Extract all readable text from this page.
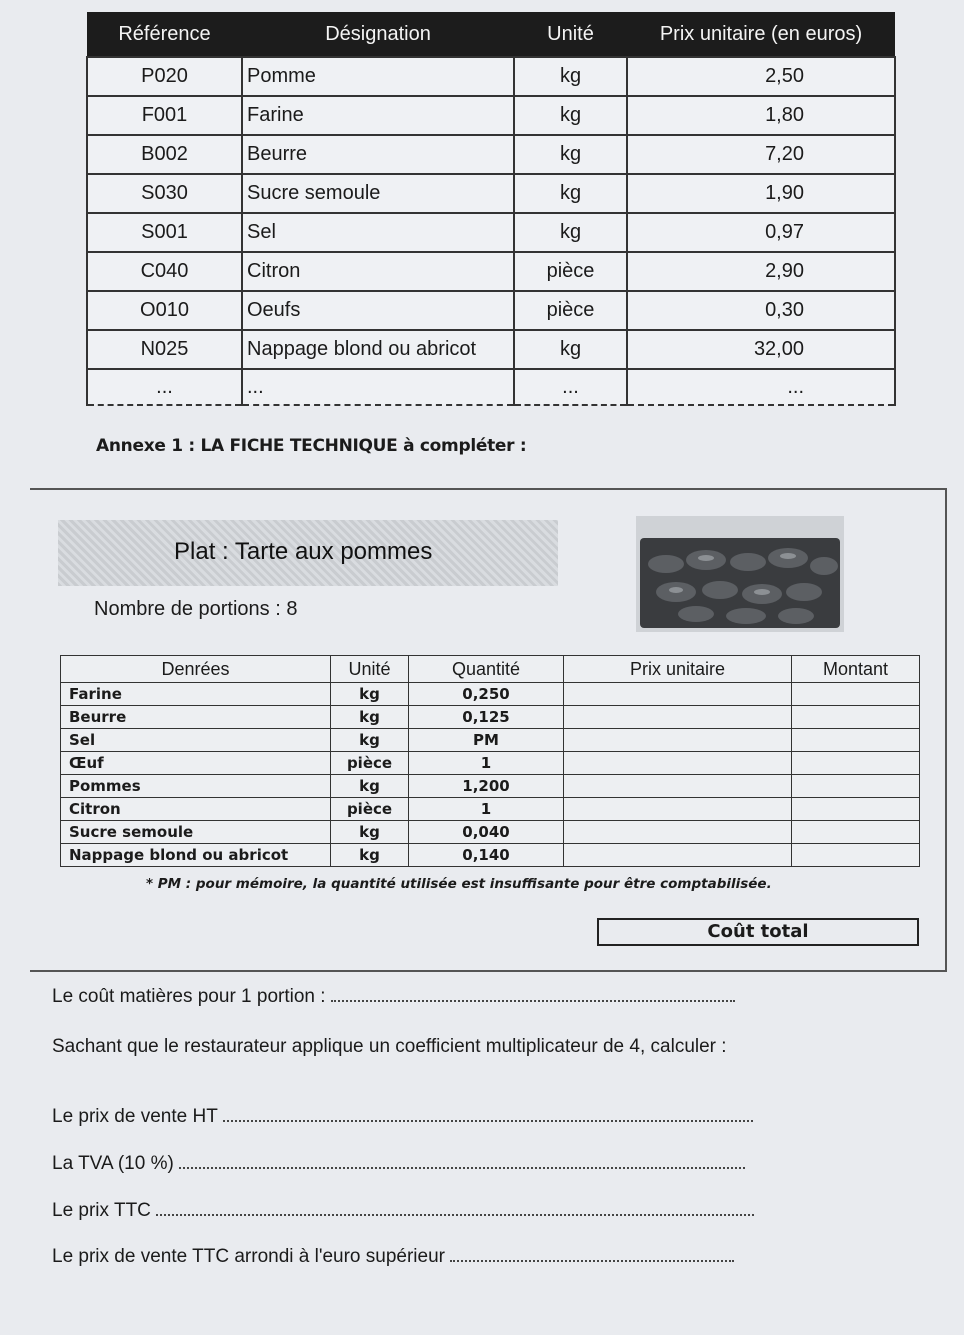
Référence	Désignation	Unité	Prix unitaire (en euros)
P020	Pomme	kg	2,50
F001	Farine	kg	1,80
B002	Beurre	kg	7,20
S030	Sucre semoule	kg	1,90
S001	Sel	kg	0,97
C040	Citron	pièce	2,90
O010	Oeufs	pièce	0,30
N025	Nappage blond ou abricot	kg	32,00
...	...	...	...
Annexe 1 : LA FICHE TECHNIQUE à compléter :
Plat : Tarte aux pommes
Nombre de portions : 8
Denrées	Unité	Quantité	Prix unitaire	Montant
Farine	kg	0,250		
Beurre	kg	0,125		
Sel	kg	PM		
Œuf	pièce	1		
Pommes	kg	1,200		
Citron	pièce	1		
Sucre semoule	kg	0,040		
Nappage blond ou abricot	kg	0,140		
* PM : pour mémoire, la quantité utilisée est insuffisante pour être comptabilisée.
Coût total
Le coût matières pour 1 portion :
Sachant que le restaurateur applique un coefficient multiplicateur de 4, calculer :
Le prix de vente HT
La TVA (10 %)
Le prix TTC
Le prix de vente TTC arrondi à l'euro supérieur
